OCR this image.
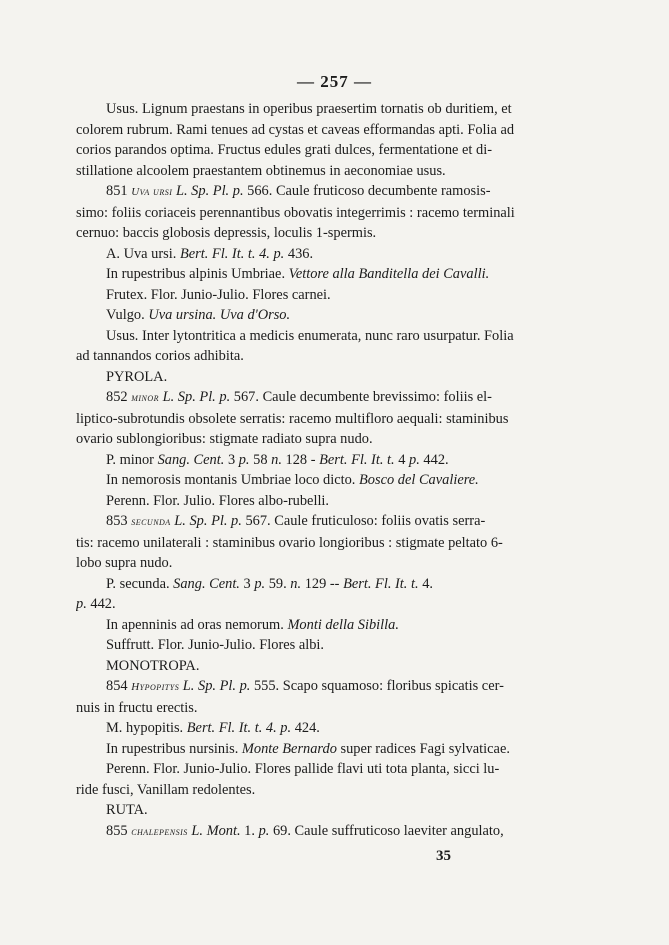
— 257 —
Usus. Lignum praestans in operibus praesertim tornatis ob duritiem, et
colorem rubrum. Rami tenues ad cystas et caveas efformandas apti. Folia ad
corios parandos optima. Fructus edules grati dulces, fermentatione et di-
stillatione alcoolem praestantem obtinemus in aeconomiae usus.
851 Uva ursi L. Sp. Pl. p. 566. Caule fruticoso decumbente ramosis-
simo: foliis coriaceis perennantibus obovatis integerrimis : racemo terminali
cernuo: baccis globosis depressis, loculis 1-spermis.
A. Uva ursi. Bert. Fl. It. t. 4. p. 436.
In rupestribus alpinis Umbriae. Vettore alla Banditella dei Cavalli.
Frutex. Flor. Junio-Julio. Flores carnei.
Vulgo. Uva ursina. Uva d'Orso.
Usus. Inter lytontritica a medicis enumerata, nunc raro usurpatur. Folia
ad tannandos corios adhibita.
PYROLA.
852 minor L. Sp. Pl. p. 567. Caule decumbente brevissimo: foliis el-
liptico-subrotundis obsolete serratis: racemo multifloro aequali: staminibus
ovario sublongioribus: stigmate radiato supra nudo.
P. minor Sang. Cent. 3 p. 58 n. 128 - Bert. Fl. It. t. 4 p. 442.
In nemorosis montanis Umbriae loco dicto. Bosco del Cavaliere.
Perenn. Flor. Julio. Flores albo-rubelli.
853 secunda L. Sp. Pl. p. 567. Caule fruticuloso: foliis ovatis serra-
tis: racemo unilaterali : staminibus ovario longioribus : stigmate peltato 6-
lobo supra nudo.
P. secunda. Sang. Cent. 3 p. 59. n. 129 -- Bert. Fl. It. t. 4.
p. 442.
In apenninis ad oras nemorum. Monti della Sibilla.
Suffrutt. Flor. Junio-Julio. Flores albi.
MONOTROPA.
854 Hypopitys L. Sp. Pl. p. 555. Scapo squamoso: floribus spicatis cer-
nuis in fructu erectis.
M. hypopitis. Bert. Fl. It. t. 4. p. 424.
In rupestribus nursinis. Monte Bernardo super radices Fagi sylvaticae.
Perenn. Flor. Junio-Julio. Flores pallide flavi uti tota planta, sicci lu-
ride fusci, Vanillam redolentes.
RUTA.
855 chalepensis L. Mont. 1. p. 69. Caule suffruticoso laeviter angulato,
35
